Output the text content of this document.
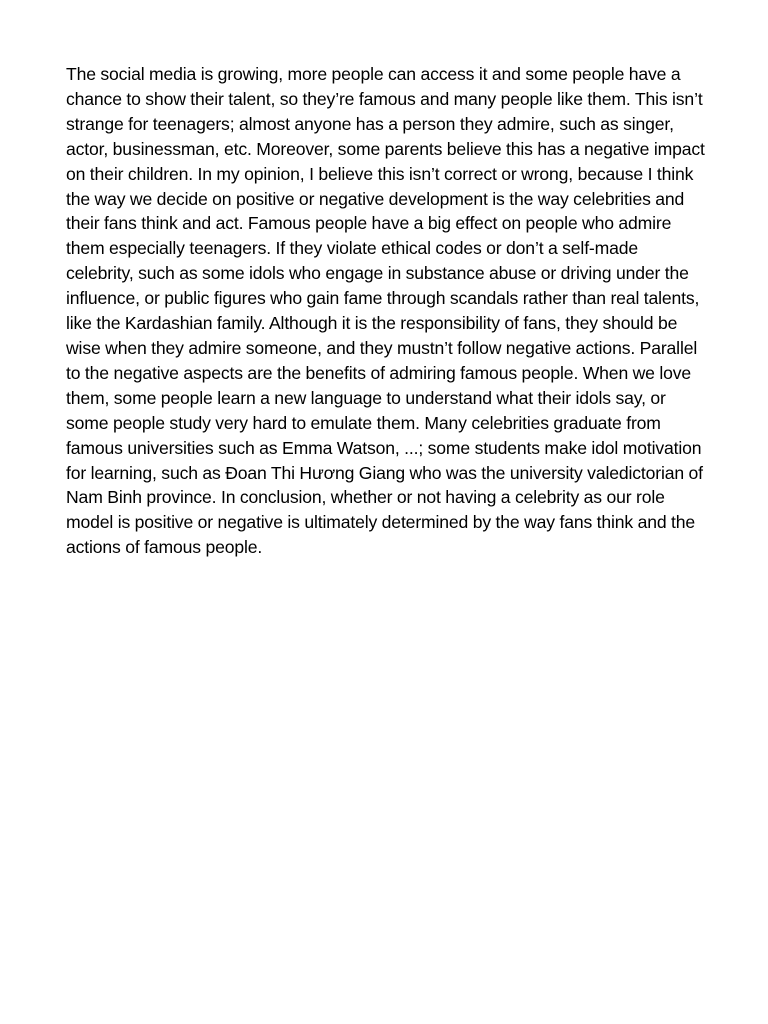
The social media is growing, more people can access it and some people have a chance to show their talent, so they’re famous and many people like them. This isn’t strange for teenagers; almost anyone has a person they admire, such as singer, actor, businessman, etc. Moreover, some parents believe this has a negative impact on their children. In my opinion, I believe this isn’t correct or wrong, because I think the way we decide on positive or negative development is the way celebrities and their fans think and act. Famous people have a big effect on people who admire them especially teenagers. If they violate ethical codes or don’t a self-made celebrity, such as some idols who engage in substance abuse or driving under the influence, or public figures who gain fame through scandals rather than real talents, like the Kardashian family. Although it is the responsibility of fans, they should be wise when they admire someone, and they mustn’t follow negative actions. Parallel to the negative aspects are the benefits of admiring famous people. When we love them, some people learn a new language to understand what their idols say, or some people study very hard to emulate them. Many celebrities graduate from famous universities such as Emma Watson, ...; some students make idol motivation for learning, such as Đoan Thi Hương Giang who was the university valedictorian of Nam Binh province. In conclusion, whether or not having a celebrity as our role model is positive or negative is ultimately determined by the way fans think and the actions of famous people.
